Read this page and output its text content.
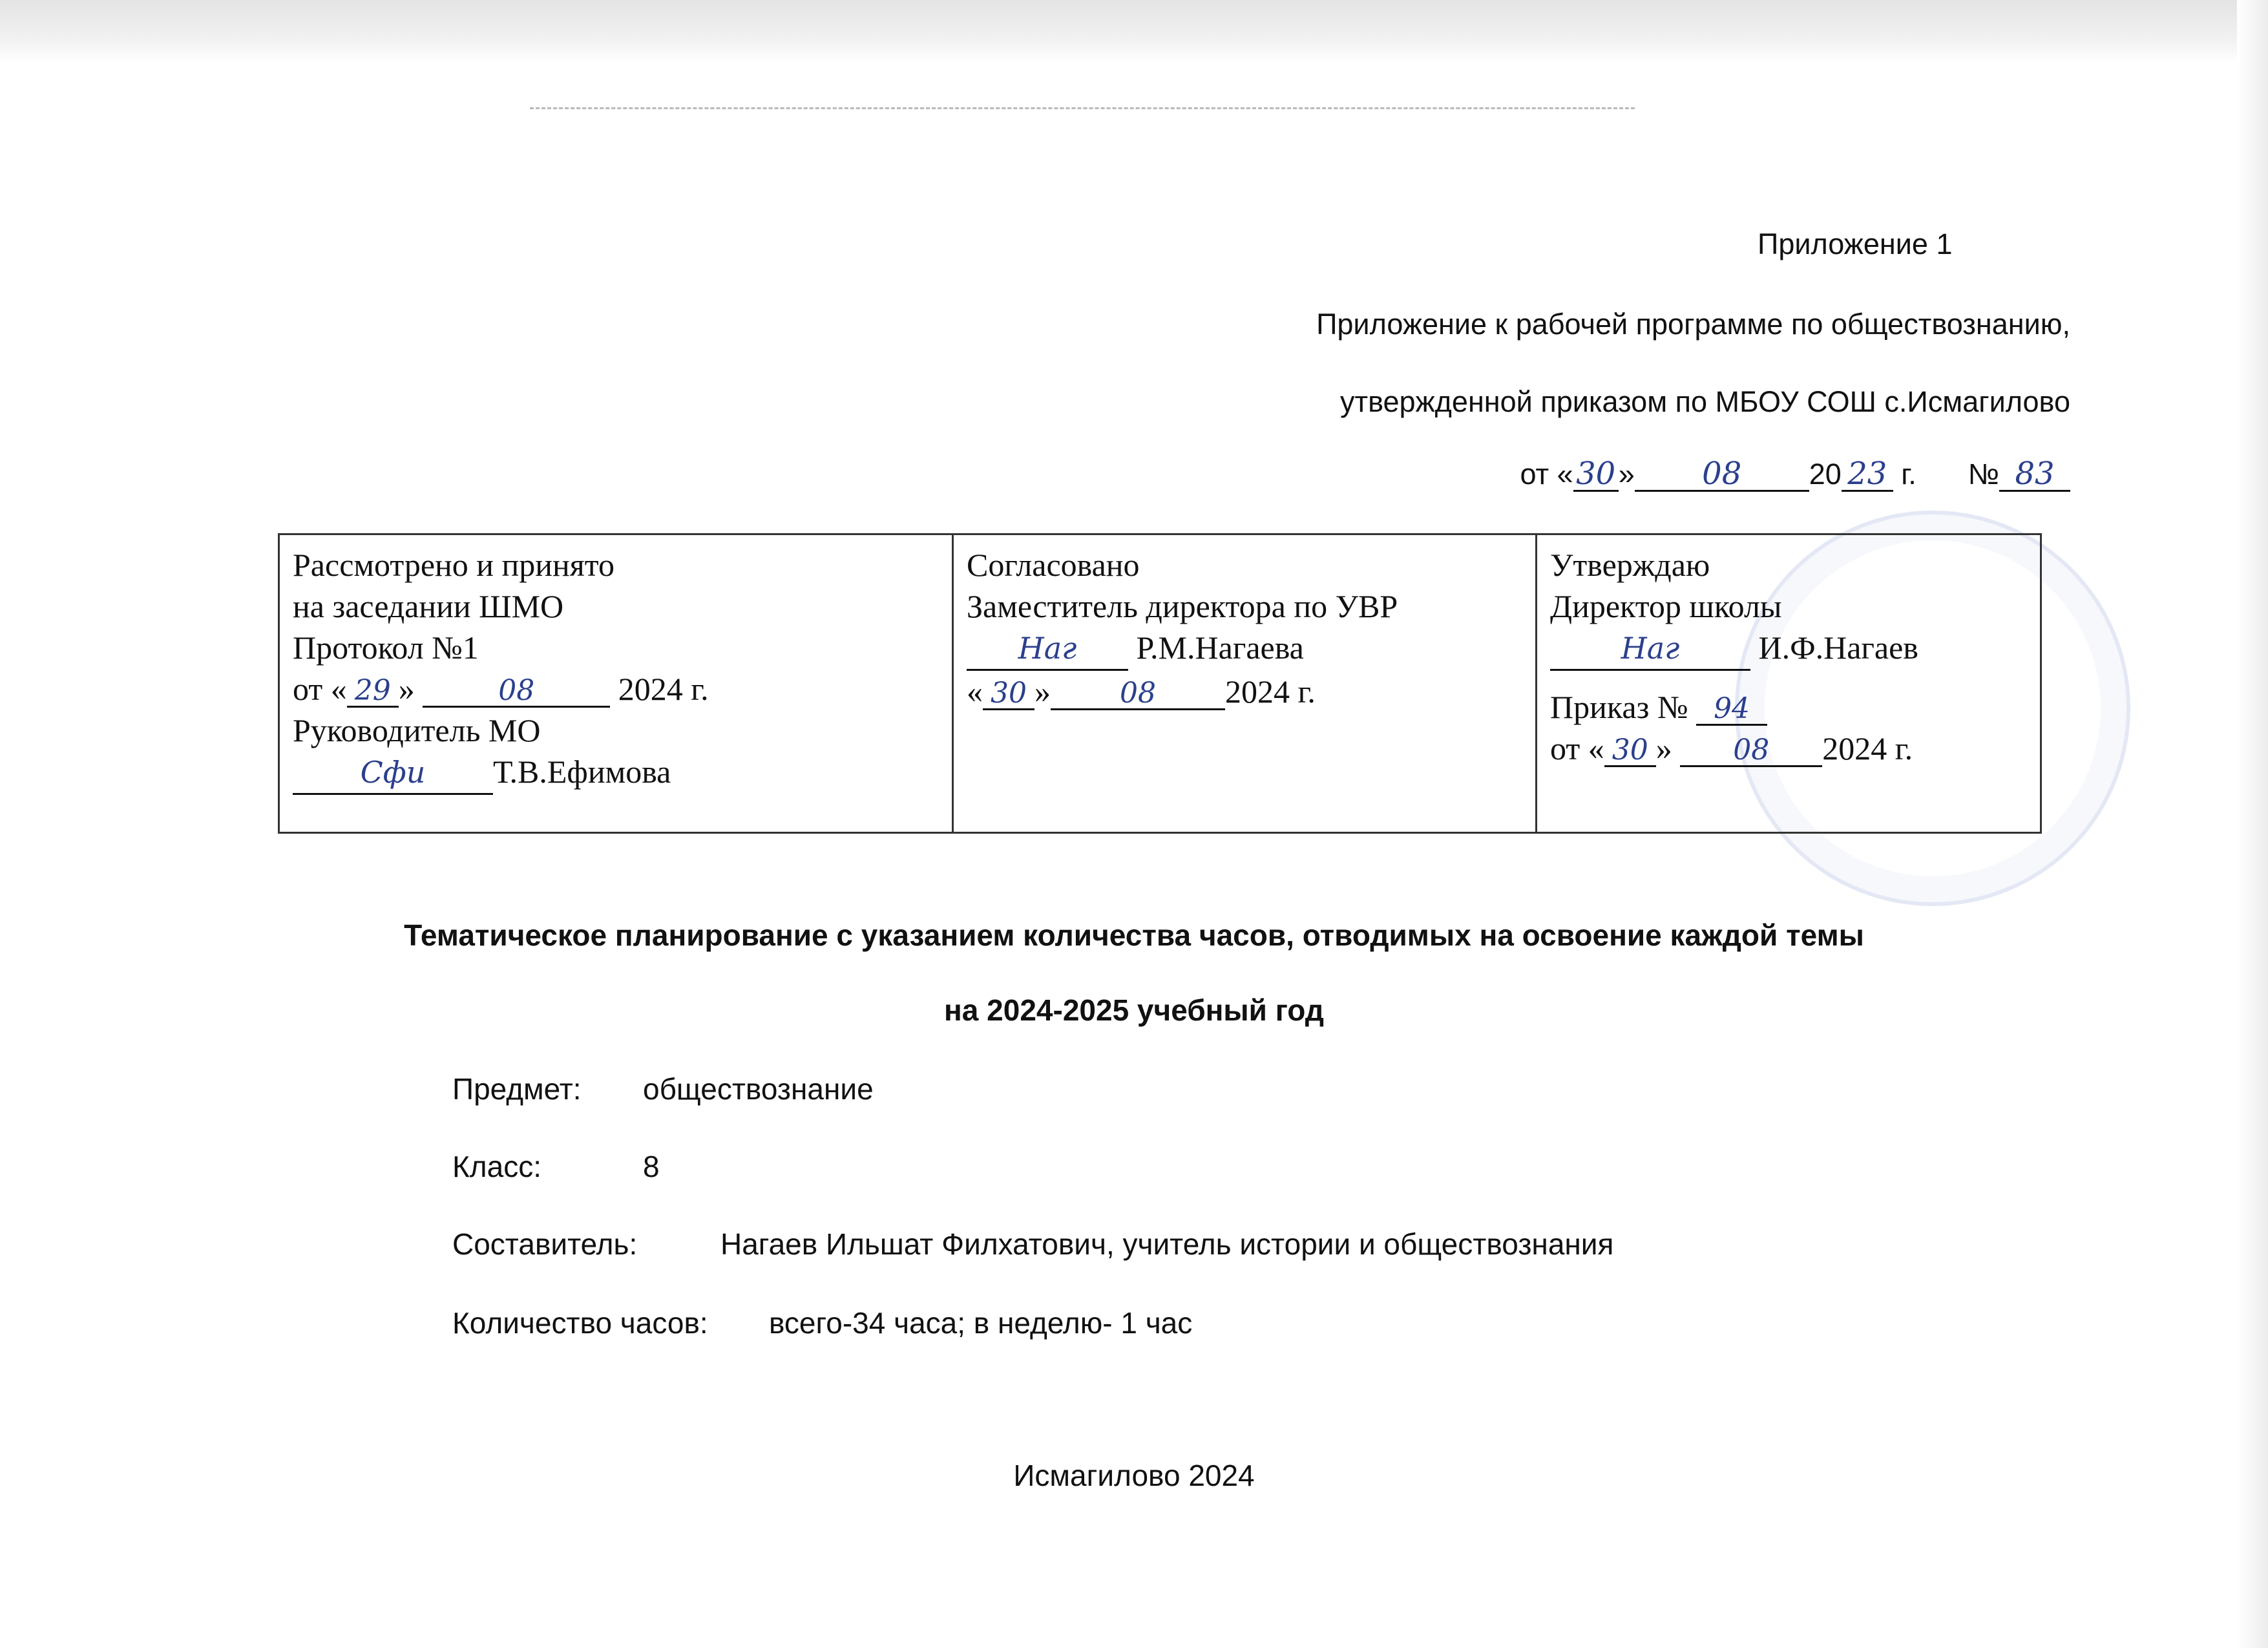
Приложение 1
Приложение к рабочей программе по обществознанию,
утвержденной приказом по МБОУ СОШ с.Исмагилово
от «30» 08 20 23 г. № 83
Рассмотрено и принято
на заседании ШМО
Протокол №1
от « 29 »	08 2024 г.
Руководитель МО
Сфи Т.В.Ефимова

Согласовано
Заместитель директора по УВР
Наг Р.М.Нагаева
« 30 » 08 2024 г.

Утверждаю
Директор школы
Наг И.Ф.Нагаев
Приказ № 94
от « 30 » 08 2024 г.
Тематическое планирование с указанием количества часов, отводимых на освоение каждой темы
на 2024-2025 учебный год
Предмет: обществознание
Класс:	8
Составитель:	Нагаев Ильшат Филхатович, учитель истории и обществознания
Количество часов: всего-34 часа; в неделю- 1 час
Исмагилово 2024
